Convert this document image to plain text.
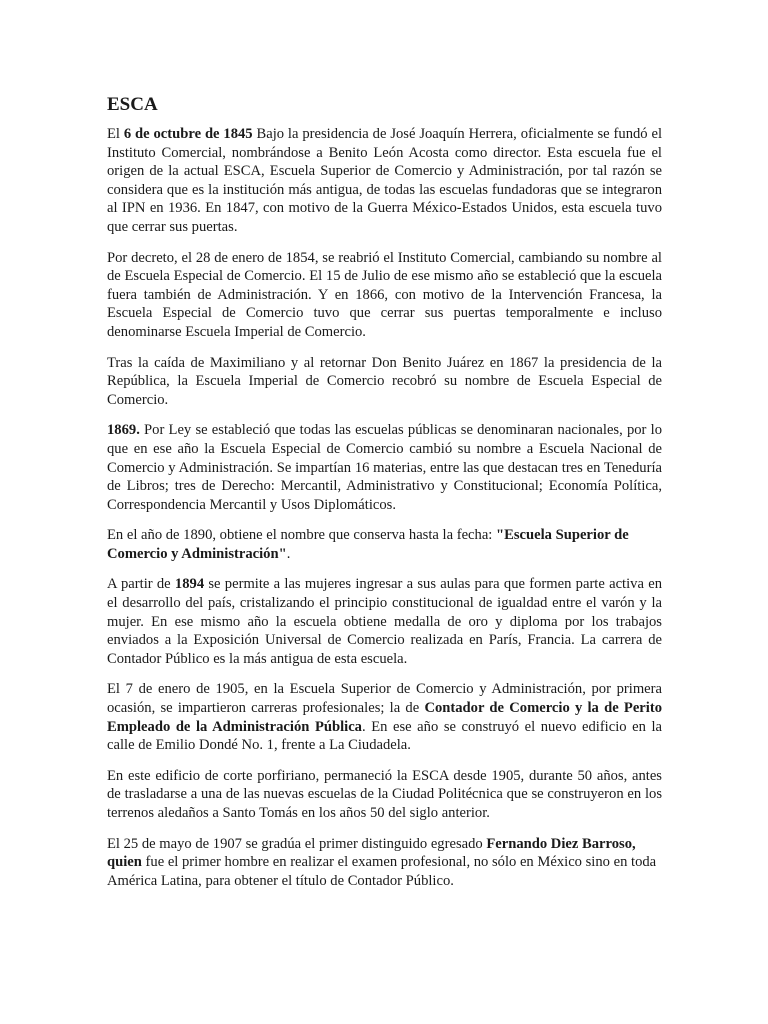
ESCA

El 6 de octubre de 1845 Bajo la presidencia de José Joaquín Herrera, oficialmente se fundó el Instituto Comercial, nombrándose a Benito León Acosta como director. Esta escuela fue el origen de la actual ESCA, Escuela Superior de Comercio y Administración, por tal razón se considera que es la institución más antigua, de todas las escuelas fundadoras que se integraron al IPN en 1936. En 1847, con motivo de la Guerra México-Estados Unidos, esta escuela tuvo que cerrar sus puertas.

Por decreto, el 28 de enero de 1854, se reabrió el Instituto Comercial, cambiando su nombre al de Escuela Especial de Comercio. El 15 de Julio de ese mismo año se estableció que la escuela fuera también de Administración. Y en 1866, con motivo de la Intervención Francesa, la Escuela Especial de Comercio tuvo que cerrar sus puertas temporalmente e incluso denominarse Escuela Imperial de Comercio.

Tras la caída de Maximiliano y al retornar Don Benito Juárez en 1867 la presidencia de la República, la Escuela Imperial de Comercio recobró su nombre de Escuela Especial de Comercio.

1869. Por Ley se estableció que todas las escuelas públicas se denominaran nacionales, por lo que en ese año la Escuela Especial de Comercio cambió su nombre a Escuela Nacional de Comercio y Administración. Se impartían 16 materias, entre las que destacan tres en Teneduría de Libros; tres de Derecho: Mercantil, Administrativo y Constitucional; Economía Política, Correspondencia Mercantil y Usos Diplomáticos.

En el año de 1890, obtiene el nombre que conserva hasta la fecha: "Escuela Superior de Comercio y Administración".

A partir de 1894 se permite a las mujeres ingresar a sus aulas para que formen parte activa en el desarrollo del país, cristalizando el principio constitucional de igualdad entre el varón y la mujer. En ese mismo año la escuela obtiene medalla de oro y diploma por los trabajos enviados a la Exposición Universal de Comercio realizada en París, Francia. La carrera de Contador Público es la más antigua de esta escuela.

El 7 de enero de 1905, en la Escuela Superior de Comercio y Administración, por primera ocasión, se impartieron carreras profesionales; la de Contador de Comercio y la de Perito Empleado de la Administración Pública. En ese año se construyó el nuevo edificio en la calle de Emilio Dondé No. 1, frente a La Ciudadela.

En este edificio de corte porfiriano, permaneció la ESCA desde 1905, durante 50 años, antes de trasladarse a una de las nuevas escuelas de la Ciudad Politécnica que se construyeron en los terrenos aledaños a Santo Tomás en los años 50 del siglo anterior.

El 25 de mayo de 1907 se gradúa el primer distinguido egresado Fernando Diez Barroso, quien fue el primer hombre en realizar el examen profesional, no sólo en México sino en toda América Latina, para obtener el título de Contador Público.
